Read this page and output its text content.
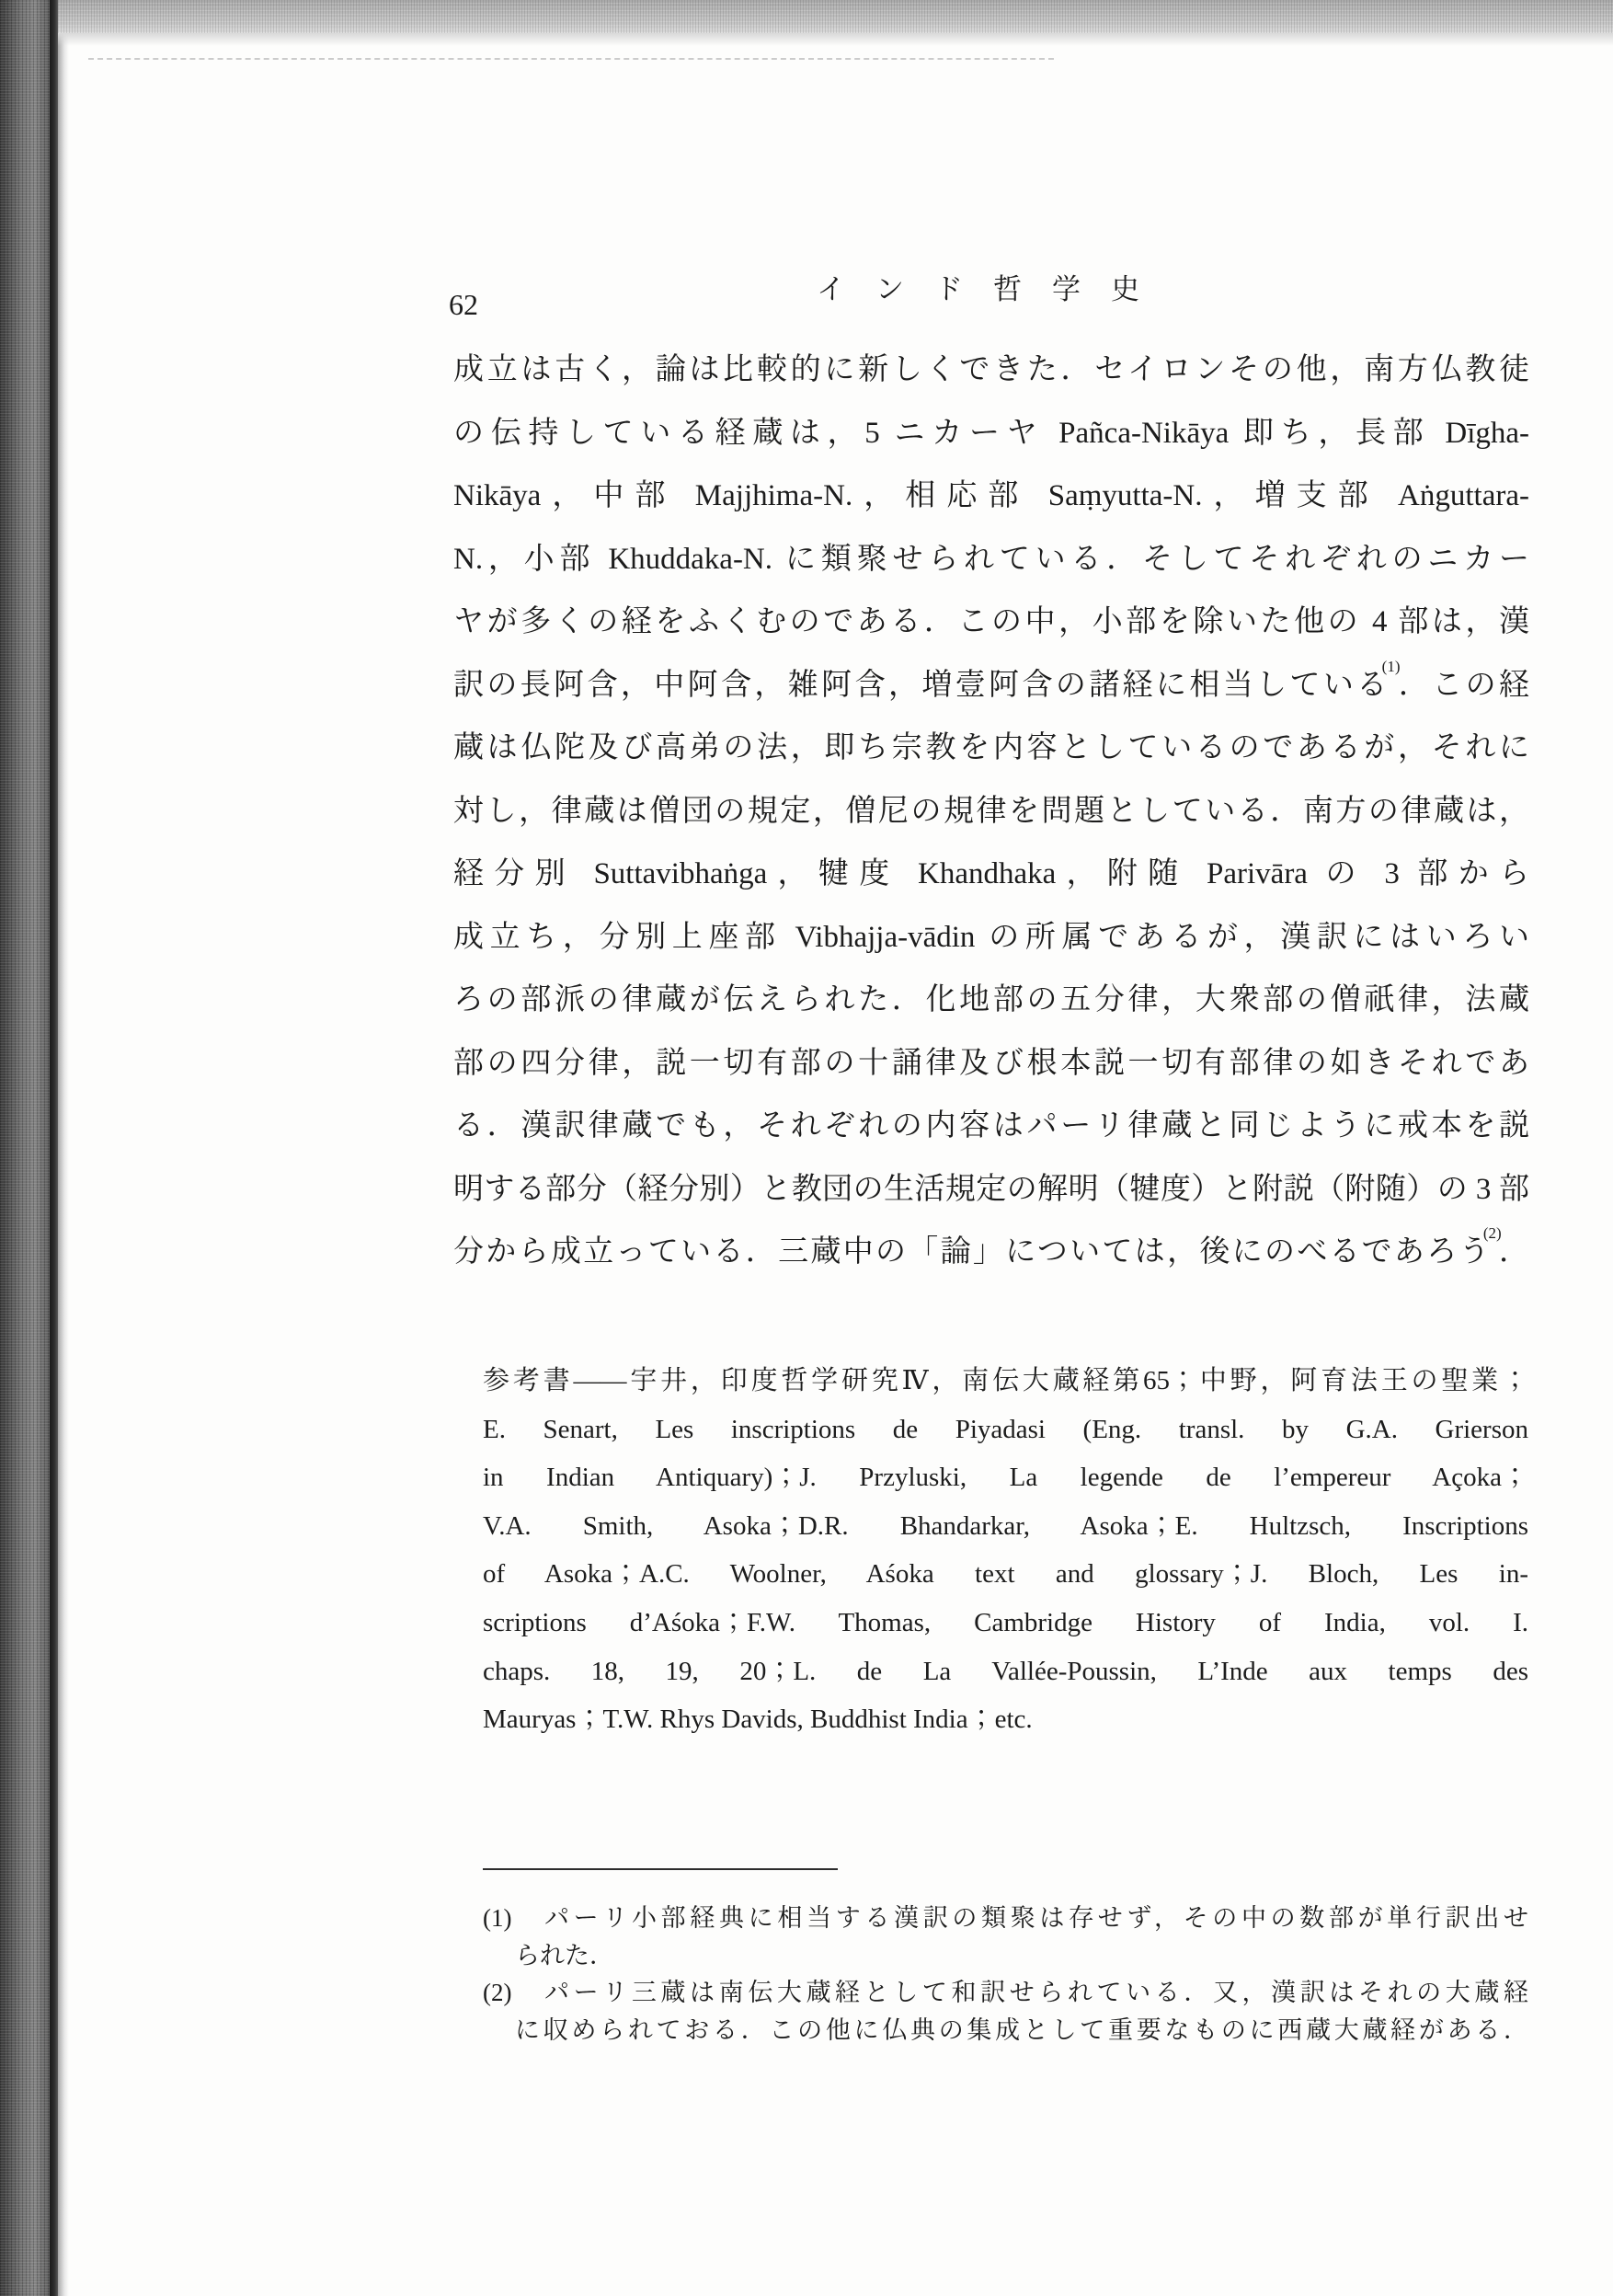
62	インド哲学史
成立は古く，論は比較的に新しくできた．セイロンその他，南方仏教徒
の伝持している経蔵は，5 ニカーヤ Pañca-Nikāya 即ち，長部 Dīgha-
Nikāya，中部 Majjhima-N.，相応部 Saṃyutta-N.，増支部 Aṅguttara-
N.，小部 Khuddaka-N. に類聚せられている．そしてそれぞれのニカー
ヤが多くの経をふくむのである．この中，小部を除いた他の 4 部は，漢
訳の長阿含，中阿含，雑阿含，増壹阿含の諸経に相当している$^{(1)}$．この経
蔵は仏陀及び高弟の法，即ち宗教を内容としているのであるが，それに
対し，律蔵は僧団の規定，僧尼の規律を問題としている．南方の律蔵は，
経分別 Suttavibhaṅga，犍度 Khandhaka，附随 Parivāra の 3 部から
成立ち，分別上座部 Vibhajja-vādin の所属であるが，漢訳にはいろい
ろの部派の律蔵が伝えられた．化地部の五分律，大衆部の僧祇律，法蔵
部の四分律，説一切有部の十誦律及び根本説一切有部律の如きそれであ
る．漢訳律蔵でも，それぞれの内容はパーリ律蔵と同じように戒本を説
明する部分（経分別）と教団の生活規定の解明（犍度）と附説（附随）の 3 部
分から成立っている．三蔵中の「論」については，後にのべるであろう$^{(2)}$．
参考書――宇井，印度哲学研究Ⅳ，南伝大蔵経第65；中野，阿育法王の聖業；
E. Senart, Les inscriptions de Piyadasi (Eng. transl. by G.A. Grierson
in Indian Antiquary)；J. Przyluski, La legende de l’empereur Açoka；
V.A. Smith, Asoka；D.R. Bhandarkar, Asoka；E. Hultzsch, Inscriptions
of Asoka；A.C. Woolner, Aśoka text and glossary；J. Bloch, Les in-
scriptions d’Aśoka；F.W. Thomas, Cambridge History of India, vol. I.
chaps. 18, 19, 20；L. de La Vallée-Poussin, L’Inde aux temps des
Mauryas；T.W. Rhys Davids, Buddhist India；etc.
(1)	パーリ小部経典に相当する漢訳の類聚は存せず，その中の数部が単行訳出せ
られた．
(2)	パーリ三蔵は南伝大蔵経として和訳せられている．又，漢訳はそれの大蔵経
に収められておる．この他に仏典の集成として重要なものに西蔵大蔵経がある．
